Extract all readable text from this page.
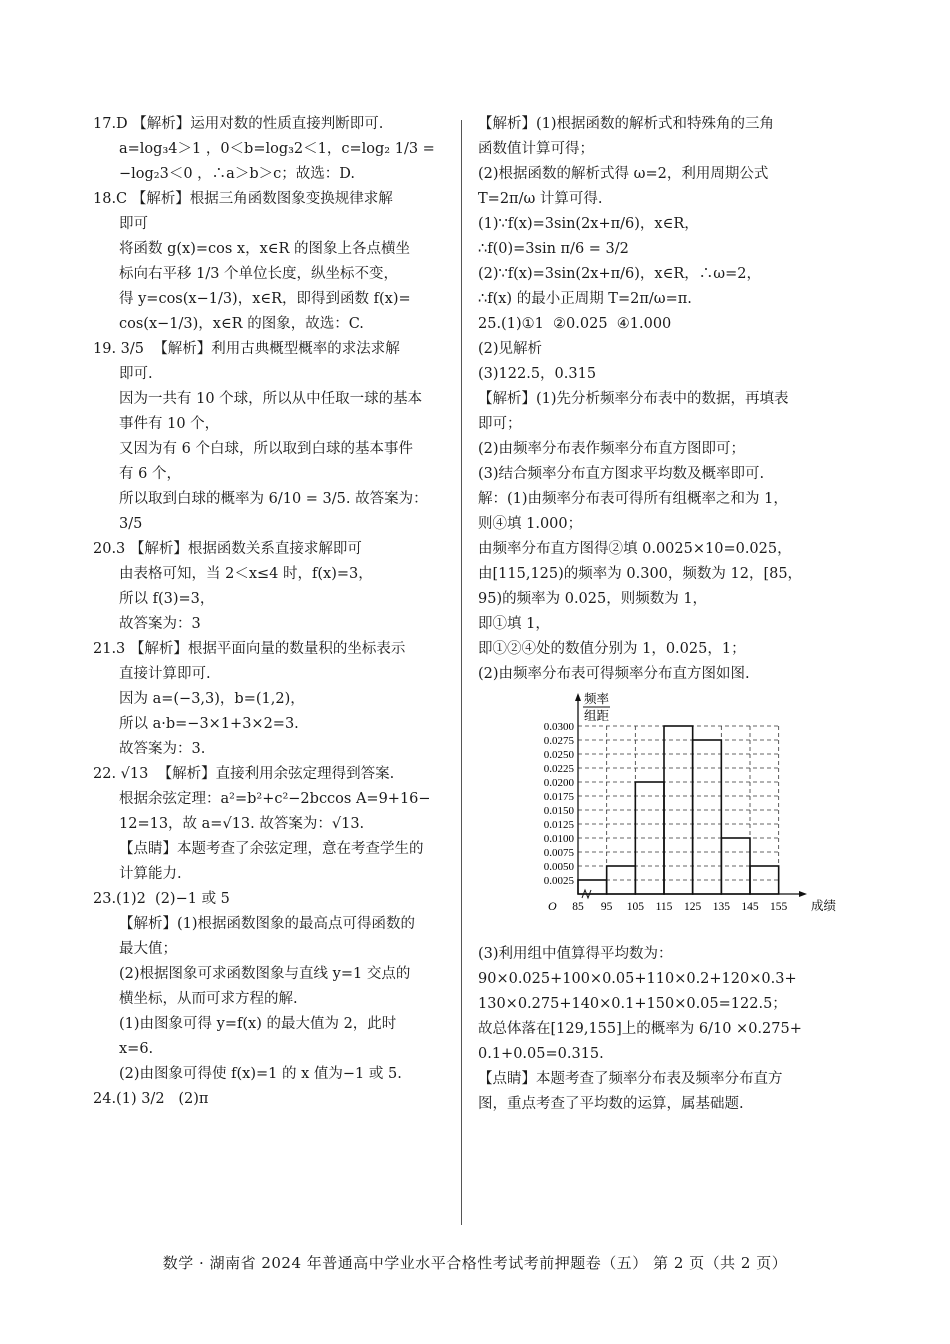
17.D 【解析】运用对数的性质直接判断即可.
a=log₃4＞1 ，0＜b=log₃2＜1，c=log₂ 1/3 =
−log₂3＜0 ，∴a＞b＞c；故选：D.
18.C 【解析】根据三角函数图象变换规律求解
即可
将函数 g(x)=cos x，x∈R 的图象上各点横坐
标向右平移 1/3 个单位长度，纵坐标不变，
得 y=cos(x−1/3)，x∈R，即得到函数 f(x)=
cos(x−1/3)，x∈R 的图象，故选：C.
19. 3/5  【解析】利用古典概型概率的求法求解
即可.
因为一共有 10 个球，所以从中任取一球的基本
事件有 10 个，
又因为有 6 个白球，所以取到白球的基本事件
有 6 个，
所以取到白球的概率为 6/10 = 3/5. 故答案为：3/5
20.3 【解析】根据函数关系直接求解即可
由表格可知，当 2＜x≤4 时，f(x)=3，
所以 f(3)=3，
故答案为：3
21.3 【解析】根据平面向量的数量积的坐标表示
直接计算即可.
因为 a=(−3,3)，b=(1,2)，
所以 a·b=−3×1+3×2=3.
故答案为：3.
22. √13  【解析】直接利用余弦定理得到答案.
根据余弦定理：a²=b²+c²−2bccos A=9+16−
12=13，故 a=√13. 故答案为：√13.
【点睛】本题考查了余弦定理，意在考查学生的
计算能力.
23.(1)2  (2)−1 或 5
【解析】(1)根据函数图象的最高点可得函数的
最大值；
(2)根据图象可求函数图象与直线 y=1 交点的
横坐标，从而可求方程的解.
(1)由图象可得 y=f(x) 的最大值为 2，此时
x=6.
(2)由图象可得使 f(x)=1 的 x 值为−1 或 5.
24.(1) 3/2   (2)π
【解析】(1)根据函数的解析式和特殊角的三角
函数值计算可得；
(2)根据函数的解析式得 ω=2，利用周期公式
T=2π/ω 计算可得.
(1)∵f(x)=3sin(2x+π/6)，x∈R，
∴f(0)=3sin π/6 = 3/2
(2)∵f(x)=3sin(2x+π/6)，x∈R，∴ω=2，
∴f(x) 的最小正周期 T=2π/ω=π.
25.(1)①1  ②0.025  ④1.000
(2)见解析
(3)122.5，0.315
【解析】(1)先分析频率分布表中的数据，再填表
即可；
(2)由频率分布表作频率分布直方图即可；
(3)结合频率分布直方图求平均数及概率即可.
解：(1)由频率分布表可得所有组概率之和为 1，
则④填 1.000；
由频率分布直方图得②填 0.0025×10=0.025，
由[115,125)的频率为 0.300，频数为 12，[85，
95)的频率为 0.025，则频数为 1，
即①填 1，
即①②④处的数值分别为 1，0.025，1；
(2)由频率分布表可得频率分布直方图如图.
0.0025
0.0050
0.0075
0.0100
0.0125
0.0150
0.0175
0.0200
0.0225
0.0250
0.0275
0.0300
85 95 105 115 125 135 145 155
O	成绩
频率
组距
(3)利用组中值算得平均数为：
90×0.025+100×0.05+110×0.2+120×0.3+
130×0.275+140×0.1+150×0.05=122.5；
故总体落在[129,155]上的概率为 6/10 ×0.275+
0.1+0.05=0.315.
【点睛】本题考查了频率分布表及频率分布直方
图，重点考查了平均数的运算，属基础题.
数学 · 湖南省 2024 年普通高中学业水平合格性考试考前押题卷（五） 第 2 页（共 2 页）
